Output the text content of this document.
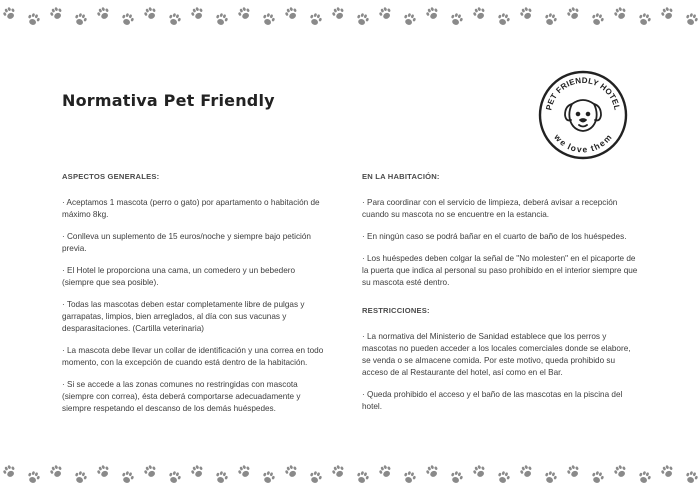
Normativa Pet Friendly	PET FRIENDLY HOTEL
we love them
ASPECTOS GENERALES:

· Aceptamos 1 mascota (perro o gato) por apartamento o habitación de máximo 8kg.

· Conlleva un suplemento de 15 euros/noche y siempre bajo petición previa.

· El Hotel le proporciona una cama, un comedero y un bebedero (siempre que sea posible).

· Todas las mascotas deben estar completamente libre de pulgas y garrapatas, limpios, bien arreglados, al día con sus vacunas y desparasitaciones. (Cartilla veterinaria)

· La mascota debe llevar un collar de identificación y una correa en todo momento, con la excepción de cuando está dentro de la habitación.

· Si se accede a las zonas comunes no restringidas con mascota (siempre con correa), ésta deberá comportarse adecuadamente y siempre respetando el descanso de los demás huéspedes.

EN LA HABITACIÓN:

· Para coordinar con el servicio de limpieza, deberá avisar a recepción cuando su mascota no se encuentre en la estancia.

· En ningún caso se podrá bañar en el cuarto de baño de los huéspedes.

· Los huéspedes deben colgar la señal de "No molesten" en el picaporte de la puerta que indica al personal su paso prohibido en el interior siempre que su mascota esté dentro.

RESTRICCIONES:

· La normativa del Ministerio de Sanidad establece que los perros y mascotas no pueden acceder a los locales comerciales donde se elabore, se venda o se almacene comida. Por este motivo, queda prohibido su acceso de al Restaurante del hotel, así como en el Bar.

· Queda prohibido el acceso y el baño de las mascotas en la piscina del hotel.
